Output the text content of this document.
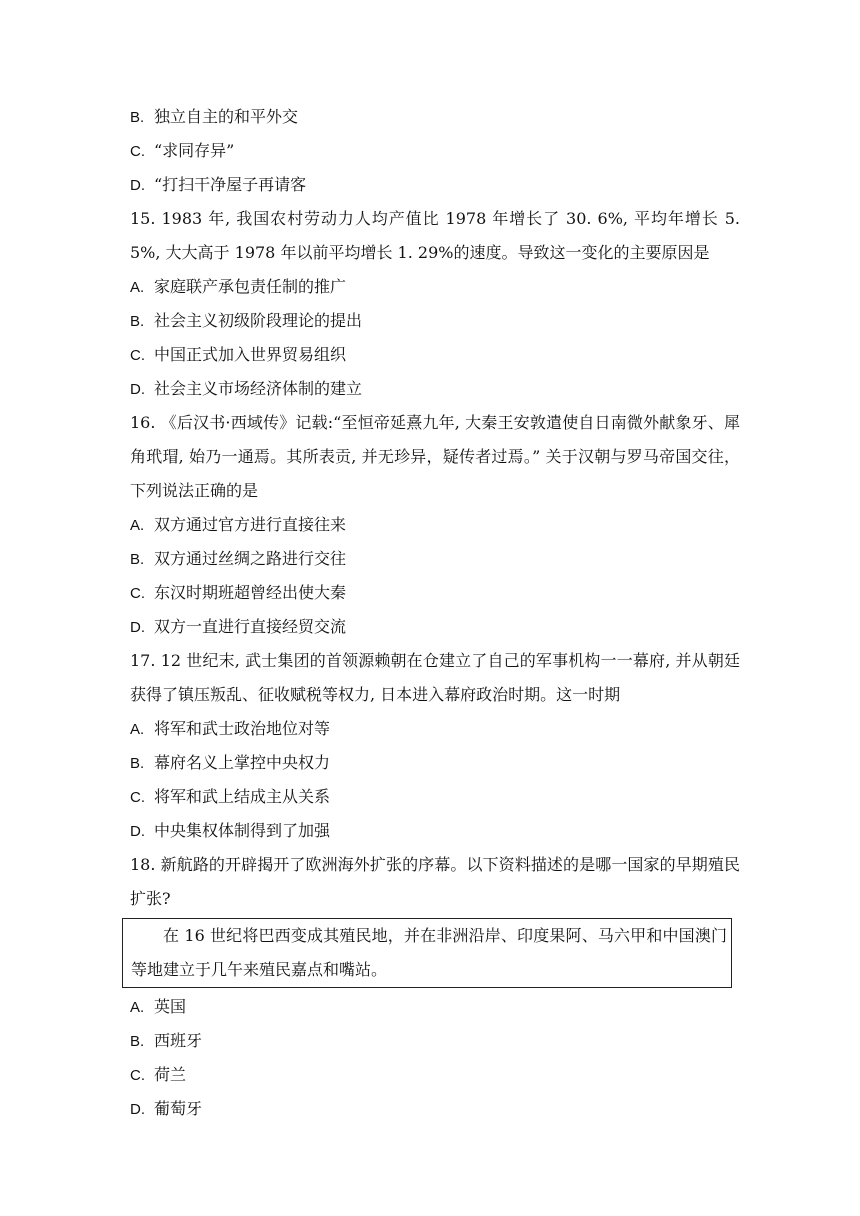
B. 独立自主的和平外交
C. “求同存异”
D. “打扫干净屋子再请客
15. 1983 年, 我国农村劳动力人均产值比 1978 年增长了 30. 6%, 平均年增长 5. 5%, 大大高于 1978 年以前平均增长 1. 29%的速度。导致这一变化的主要原因是
A. 家庭联产承包责任制的推广
B. 社会主义初级阶段理论的提出
C. 中国正式加入世界贸易组织
D. 社会主义市场经济体制的建立
16. 《后汉书·西域传》记载:“至恒帝延熹九年, 大秦王安敦遣使自日南微外献象牙、犀角玳瑁, 始乃一通焉。其所表贡, 并无珍异，疑传者过焉。” 关于汉朝与罗马帝国交往，下列说法正确的是
A. 双方通过官方进行直接往来
B. 双方通过丝绸之路进行交往
C. 东汉时期班超曾经出使大秦
D. 双方一直进行直接经贸交流
17. 12 世纪末, 武士集团的首领源赖朝在仓建立了自己的军事机构一一幕府, 并从朝廷获得了镇压叛乱、征收赋税等权力, 日本进入幕府政治时期。这一时期
A. 将军和武士政治地位对等
B. 幕府名义上掌控中央权力
C. 将军和武上结成主从关系
D. 中央集权体制得到了加强
18. 新航路的开辟揭开了欧洲海外扩张的序幕。以下资料描述的是哪一国家的早期殖民扩张?
在 16 世纪将巴西变成其殖民地，并在非洲沿岸、印度果阿、马六甲和中国澳门等地建立于几午来殖民嘉点和嘴站。
A. 英国
B. 西班牙
C. 荷兰
D. 葡萄牙
